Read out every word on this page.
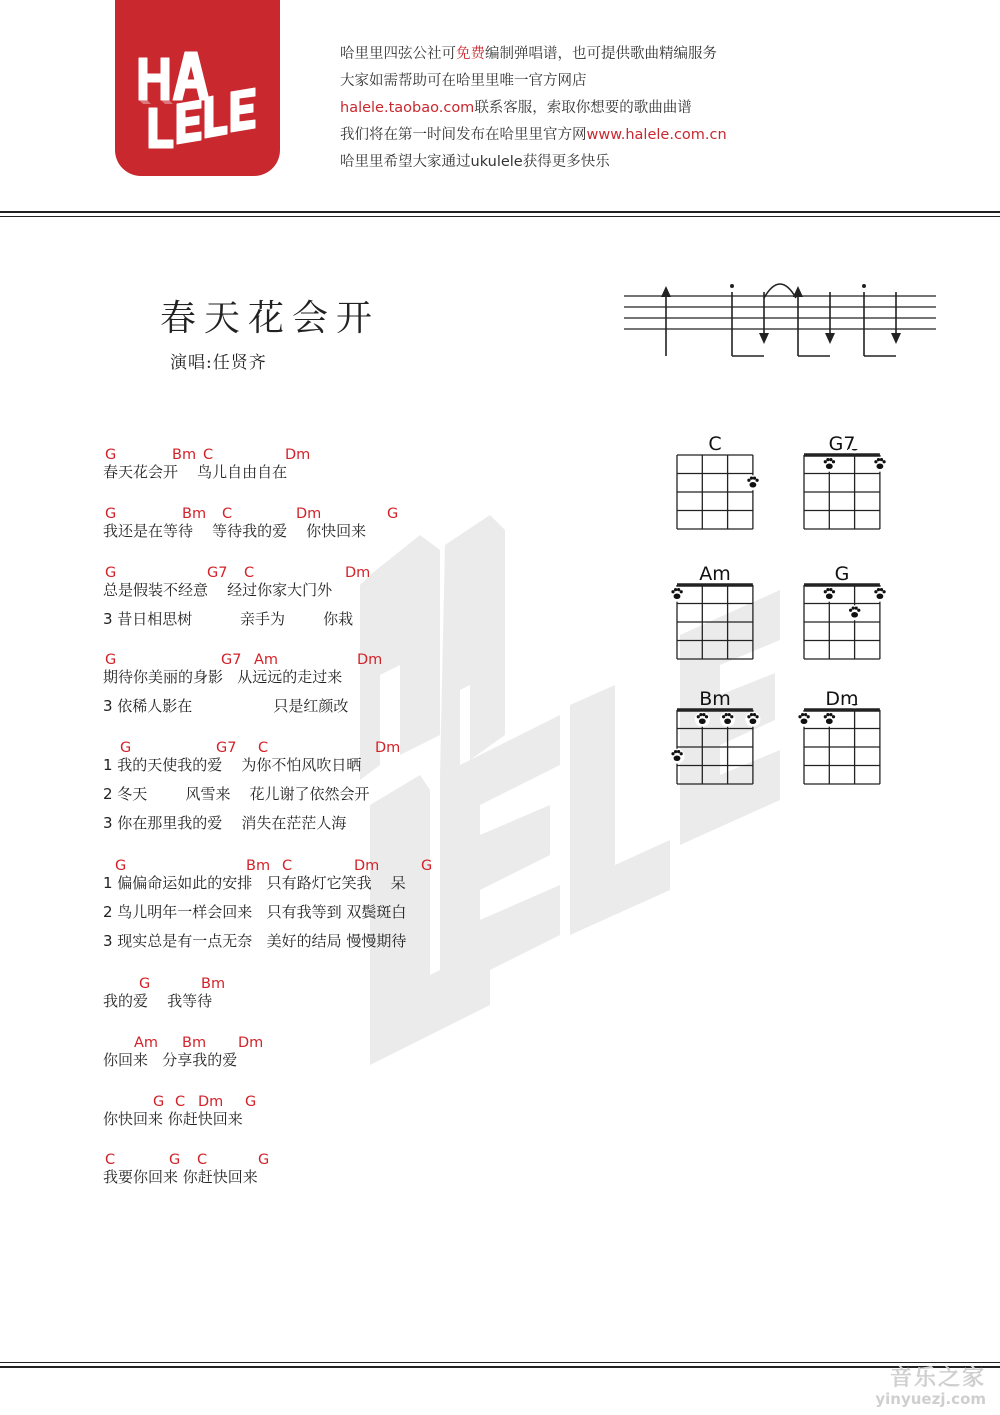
哈里里四弦公社可免费编制弹唱谱，也可提供歌曲精编服务
大家如需帮助可在哈里里唯一官方网店
halele.taobao.com联系客服，索取你想要的歌曲曲谱
我们将在第一时间发布在哈里里官方网www.halele.com.cn
哈里里希望大家通过ukulele获得更多快乐
春天花会开
演唱:任贤齐
G	Bm C	Dm
春天花会开    鸟儿自由自在
G	Bm C	Dm	G
我还是在等待    等待我的爱    你快回来
G	G7 C	Dm
总是假装不经意    经过你家大门外
3 昔日相思树          亲手为        你栽
G	G7 Am	Dm
期待你美丽的身影   从远远的走过来
3 依稀人影在                 只是红颜改
G	G7 C	Dm
1 我的天使我的爱    为你不怕风吹日晒
2 冬天        风雪来    花儿谢了依然会开
3 你在那里我的爱    消失在茫茫人海
G	Bm C	Dm	G
1 偏偏命运如此的安排   只有路灯它笑我    呆
2 鸟儿明年一样会回来   只有我等到 双鬓斑白
3 现实总是有一点无奈   美好的结局 慢慢期待
G	Bm
我的爱    我等待
Am Bm Dm
你回来   分享我的爱
G C Dm G
你快回来 你赶快回来
C	G C	G
我要你回来 你赶快回来
C	G7
Am	G
Bm	Dm
音乐之家
yinyuezj.com
